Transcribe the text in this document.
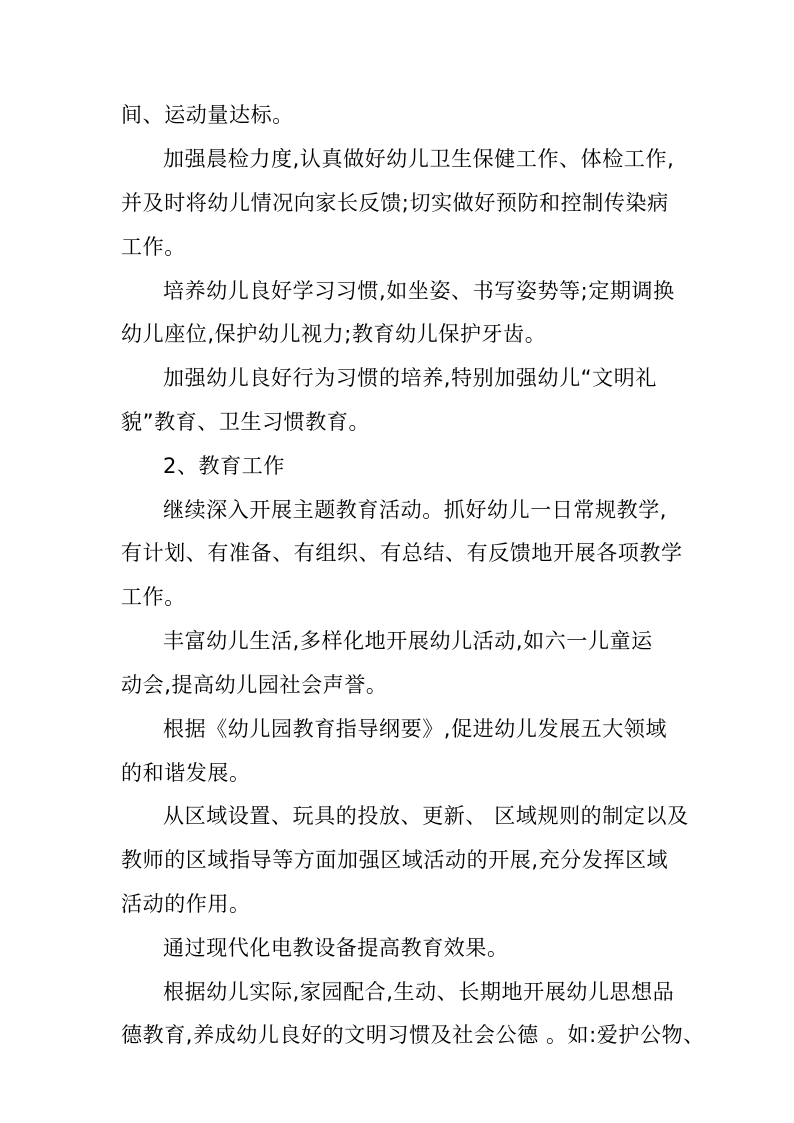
间、运动量达标。
加强晨检力度,认真做好幼儿卫生保健工作、体检工作,
并及时将幼儿情况向家长反馈;切实做好预防和控制传染病
工作。
培养幼儿良好学习习惯,如坐姿、书写姿势等;定期调换
幼儿座位,保护幼儿视力;教育幼儿保护牙齿。
加强幼儿良好行为习惯的培养,特别加强幼儿“文明礼
貌”教育、卫生习惯教育。
2、教育工作
继续深入开展主题教育活动。抓好幼儿一日常规教学,
有计划、有准备、有组织、有总结、有反馈地开展各项教学
工作。
丰富幼儿生活,多样化地开展幼儿活动,如六一儿童运
动会,提高幼儿园社会声誉。
根据《幼儿园教育指导纲要》,促进幼儿发展五大领域
的和谐发展。
从区域设置、玩具的投放、更新、 区域规则的制定以及
教师的区域指导等方面加强区域活动的开展,充分发挥区域
活动的作用。
通过现代化电教设备提高教育效果。
根据幼儿实际,家园配合,生动、长期地开展幼儿思想品
德教育,养成幼儿良好的文明习惯及社会公德 。如:爱护公物、
